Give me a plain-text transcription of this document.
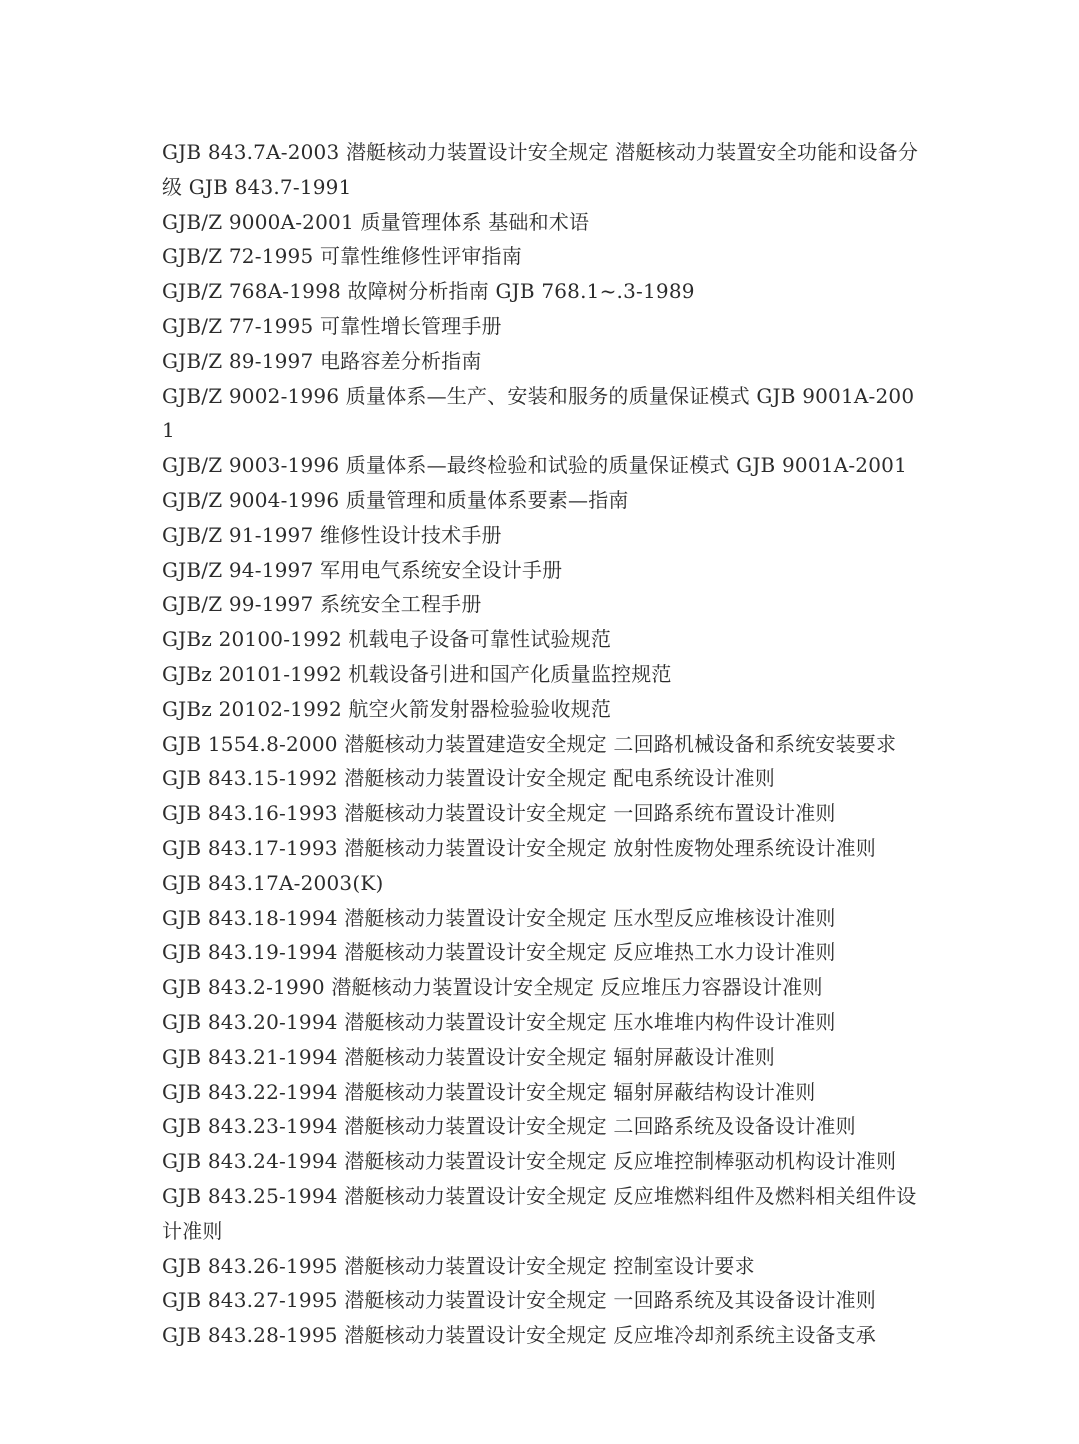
GJB 843.7A-2003 潜艇核动力装置设计安全规定 潜艇核动力装置安全功能和设备分级 GJB 843.7-1991

GJB/Z 9000A-2001 质量管理体系 基础和术语

GJB/Z 72-1995 可靠性维修性评审指南

GJB/Z 768A-1998 故障树分析指南 GJB 768.1~.3-1989

GJB/Z 77-1995 可靠性增长管理手册

GJB/Z 89-1997 电路容差分析指南

GJB/Z 9002-1996 质量体系—生产、安装和服务的质量保证模式 GJB 9001A-2001

GJB/Z 9003-1996 质量体系—最终检验和试验的质量保证模式 GJB 9001A-2001

GJB/Z 9004-1996 质量管理和质量体系要素—指南

GJB/Z 91-1997 维修性设计技术手册

GJB/Z 94-1997 军用电气系统安全设计手册

GJB/Z 99-1997 系统安全工程手册

GJBz 20100-1992 机载电子设备可靠性试验规范

GJBz 20101-1992 机载设备引进和国产化质量监控规范

GJBz 20102-1992 航空火箭发射器检验验收规范

GJB 1554.8-2000 潜艇核动力装置建造安全规定 二回路机械设备和系统安装要求

GJB 843.15-1992 潜艇核动力装置设计安全规定 配电系统设计准则

GJB 843.16-1993 潜艇核动力装置设计安全规定 一回路系统布置设计准则

GJB 843.17-1993 潜艇核动力装置设计安全规定 放射性废物处理系统设计准则

GJB 843.17A-2003(K)

GJB 843.18-1994 潜艇核动力装置设计安全规定 压水型反应堆核设计准则

GJB 843.19-1994 潜艇核动力装置设计安全规定 反应堆热工水力设计准则

GJB 843.2-1990 潜艇核动力装置设计安全规定 反应堆压力容器设计准则

GJB 843.20-1994 潜艇核动力装置设计安全规定 压水堆堆内构件设计准则

GJB 843.21-1994 潜艇核动力装置设计安全规定 辐射屏蔽设计准则

GJB 843.22-1994 潜艇核动力装置设计安全规定 辐射屏蔽结构设计准则

GJB 843.23-1994 潜艇核动力装置设计安全规定 二回路系统及设备设计准则

GJB 843.24-1994 潜艇核动力装置设计安全规定 反应堆控制棒驱动机构设计准则

GJB 843.25-1994 潜艇核动力装置设计安全规定 反应堆燃料组件及燃料相关组件设计准则

GJB 843.26-1995 潜艇核动力装置设计安全规定 控制室设计要求

GJB 843.27-1995 潜艇核动力装置设计安全规定 一回路系统及其设备设计准则

GJB 843.28-1995 潜艇核动力装置设计安全规定 反应堆冷却剂系统主设备支承
